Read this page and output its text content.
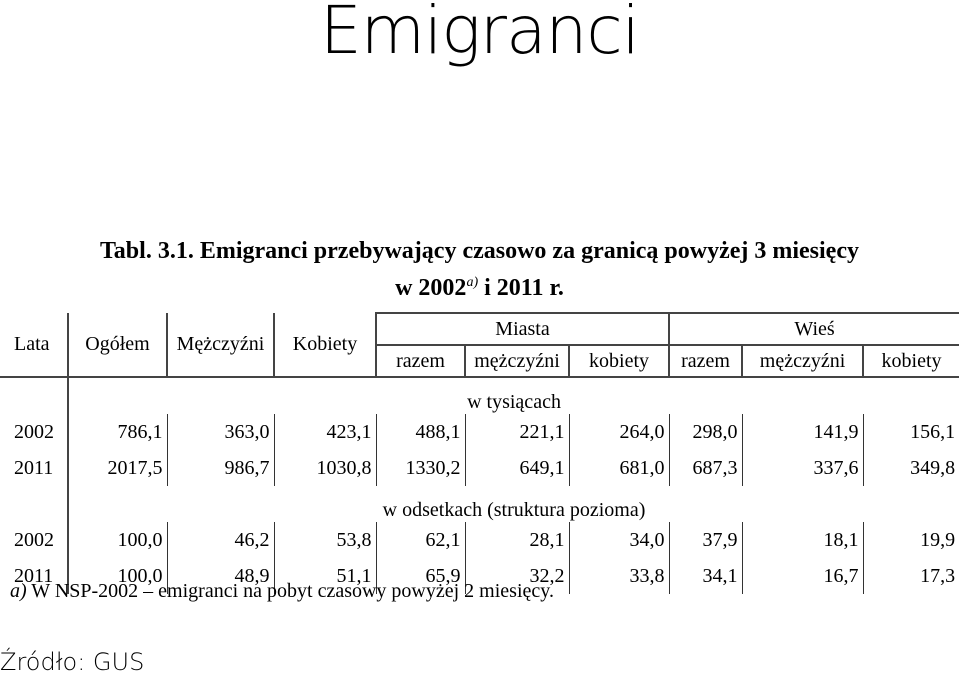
Emigranci
Tabl. 3.1. Emigranci przebywający czasowo za granicą powyżej 3 miesięcy
w 2002$^{a)}$ i 2011 r.
Lata	Ogółem	Mężczyźni	Kobiety	Miasta			Wieś		
				razem	mężczyźni	kobiety	razem	mężczyźni	kobiety
	w tysiącach								
2002	786,1	363,0	423,1	488,1	221,1	264,0	298,0	141,9	156,1
2011	2017,5	986,7	1030,8	1330,2	649,1	681,0	687,3	337,6	349,8
	w odsetkach (struktura poziomа)								
2002	100,0	46,2	53,8	62,1	28,1	34,0	37,9	18,1	19,9
2011	100,0	48,9	51,1	65,9	32,2	33,8	34,1	16,7	17,3
a) W NSP-2002 – emigranci na pobyt czasowy powyżej 2 miesięcy.
Źródło: GUS
